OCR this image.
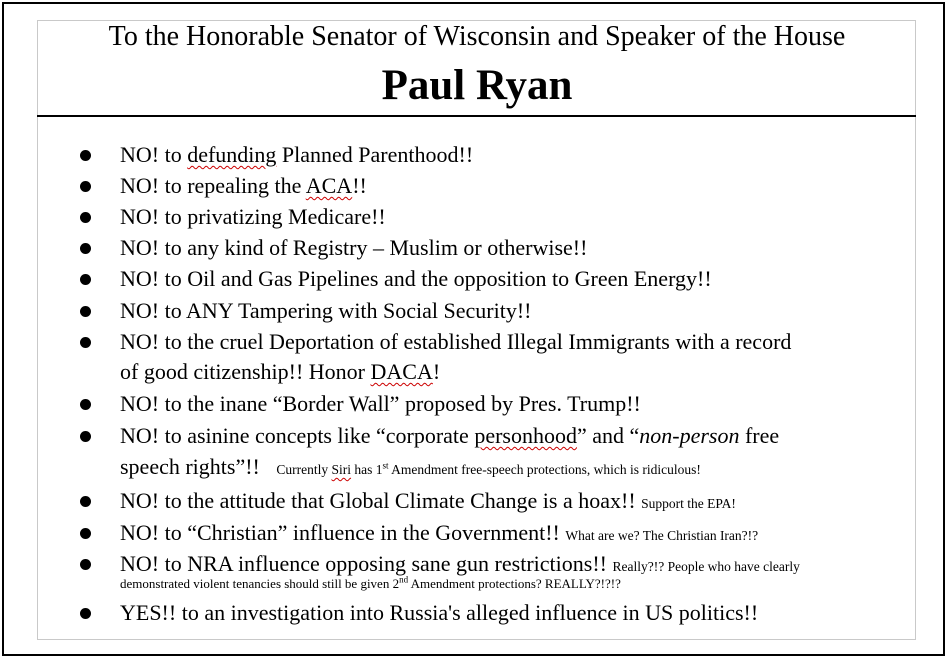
To the Honorable Senator of Wisconsin and Speaker of the House
Paul Ryan
NO! to defunding Planned Parenthood!!
NO! to repealing the ACA!!
NO! to privatizing Medicare!!
NO! to any kind of Registry – Muslim or otherwise!!
NO! to Oil and Gas Pipelines and the opposition to Green Energy!!
NO! to ANY Tampering with Social Security!!
NO! to the cruel Deportation of established Illegal Immigrants with a record
of good citizenship!! Honor DACA!
NO! to the inane “Border Wall” proposed by Pres. Trump!!
NO! to asinine concepts like “corporate personhood” and “non-person free
speech rights”!! Currently Siri has 1st Amendment free-speech protections, which is ridiculous!
NO! to the attitude that Global Climate Change is a hoax!! Support the EPA!
NO! to “Christian” influence in the Government!! What are we? The Christian Iran?!?
NO! to NRA influence opposing sane gun restrictions!! Really?!? People who have clearly
demonstrated violent tenancies should still be given 2nd Amendment protections? REALLY?!?!?
YES!! to an investigation into Russia's alleged influence in US politics!!
